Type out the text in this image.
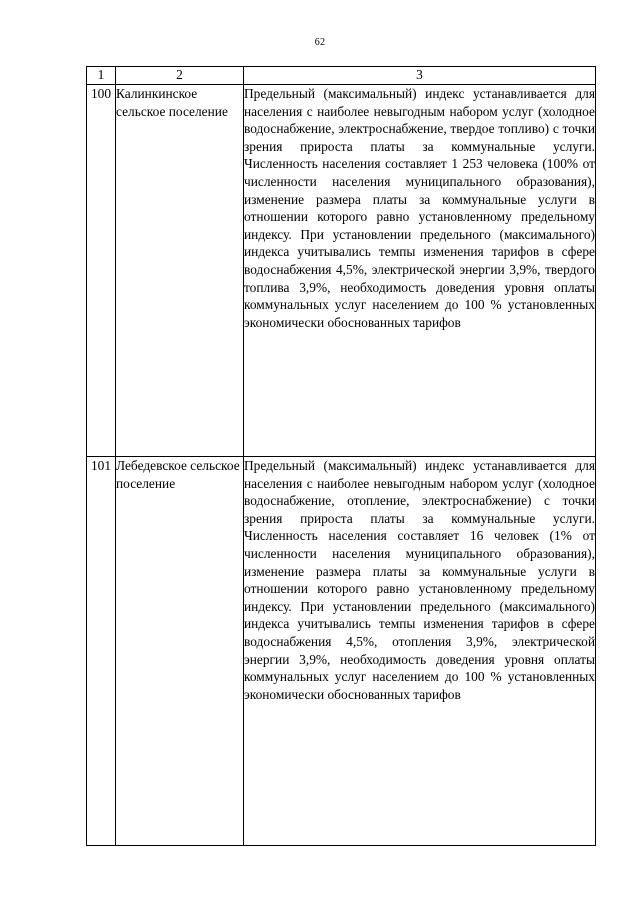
62
1	2	3
100	Калинкинское сельское поселение	Предельный (максимальный) индекс устанавливается для населения с наиболее невыгодным набором услуг (холодное водоснабжение, электроснабжение, твердое топливо) с точки зрения прироста платы за коммунальные услуги. Численность населения составляет 1 253 человека (100% от численности населения муниципального образования), изменение размера платы за коммунальные услуги в отношении которого равно установленному предельному индексу. При установлении предельного (максимального) индекса учитывались темпы изменения тарифов в сфере водоснабжения 4,5%, электрической энергии 3,9%, твердого топлива 3,9%, необходимость доведения уровня оплаты коммунальных услуг населением до 100 % установленных экономически обоснованных тарифов
101	Лебедевское сельское поселение	Предельный (максимальный) индекс устанавливается для населения с наиболее невыгодным набором услуг (холодное водоснабжение, отопление, электроснабжение) с точки зрения прироста платы за коммунальные услуги. Численность населения составляет 16 человек (1% от численности населения муниципального образования), изменение размера платы за коммунальные услуги в отношении которого равно установленному предельному индексу. При установлении предельного (максимального) индекса учитывались темпы изменения тарифов в сфере водоснабжения 4,5%, отопления 3,9%, электрической энергии 3,9%, необходимость доведения уровня оплаты коммунальных услуг населением до 100 % установленных экономически обоснованных тарифов
